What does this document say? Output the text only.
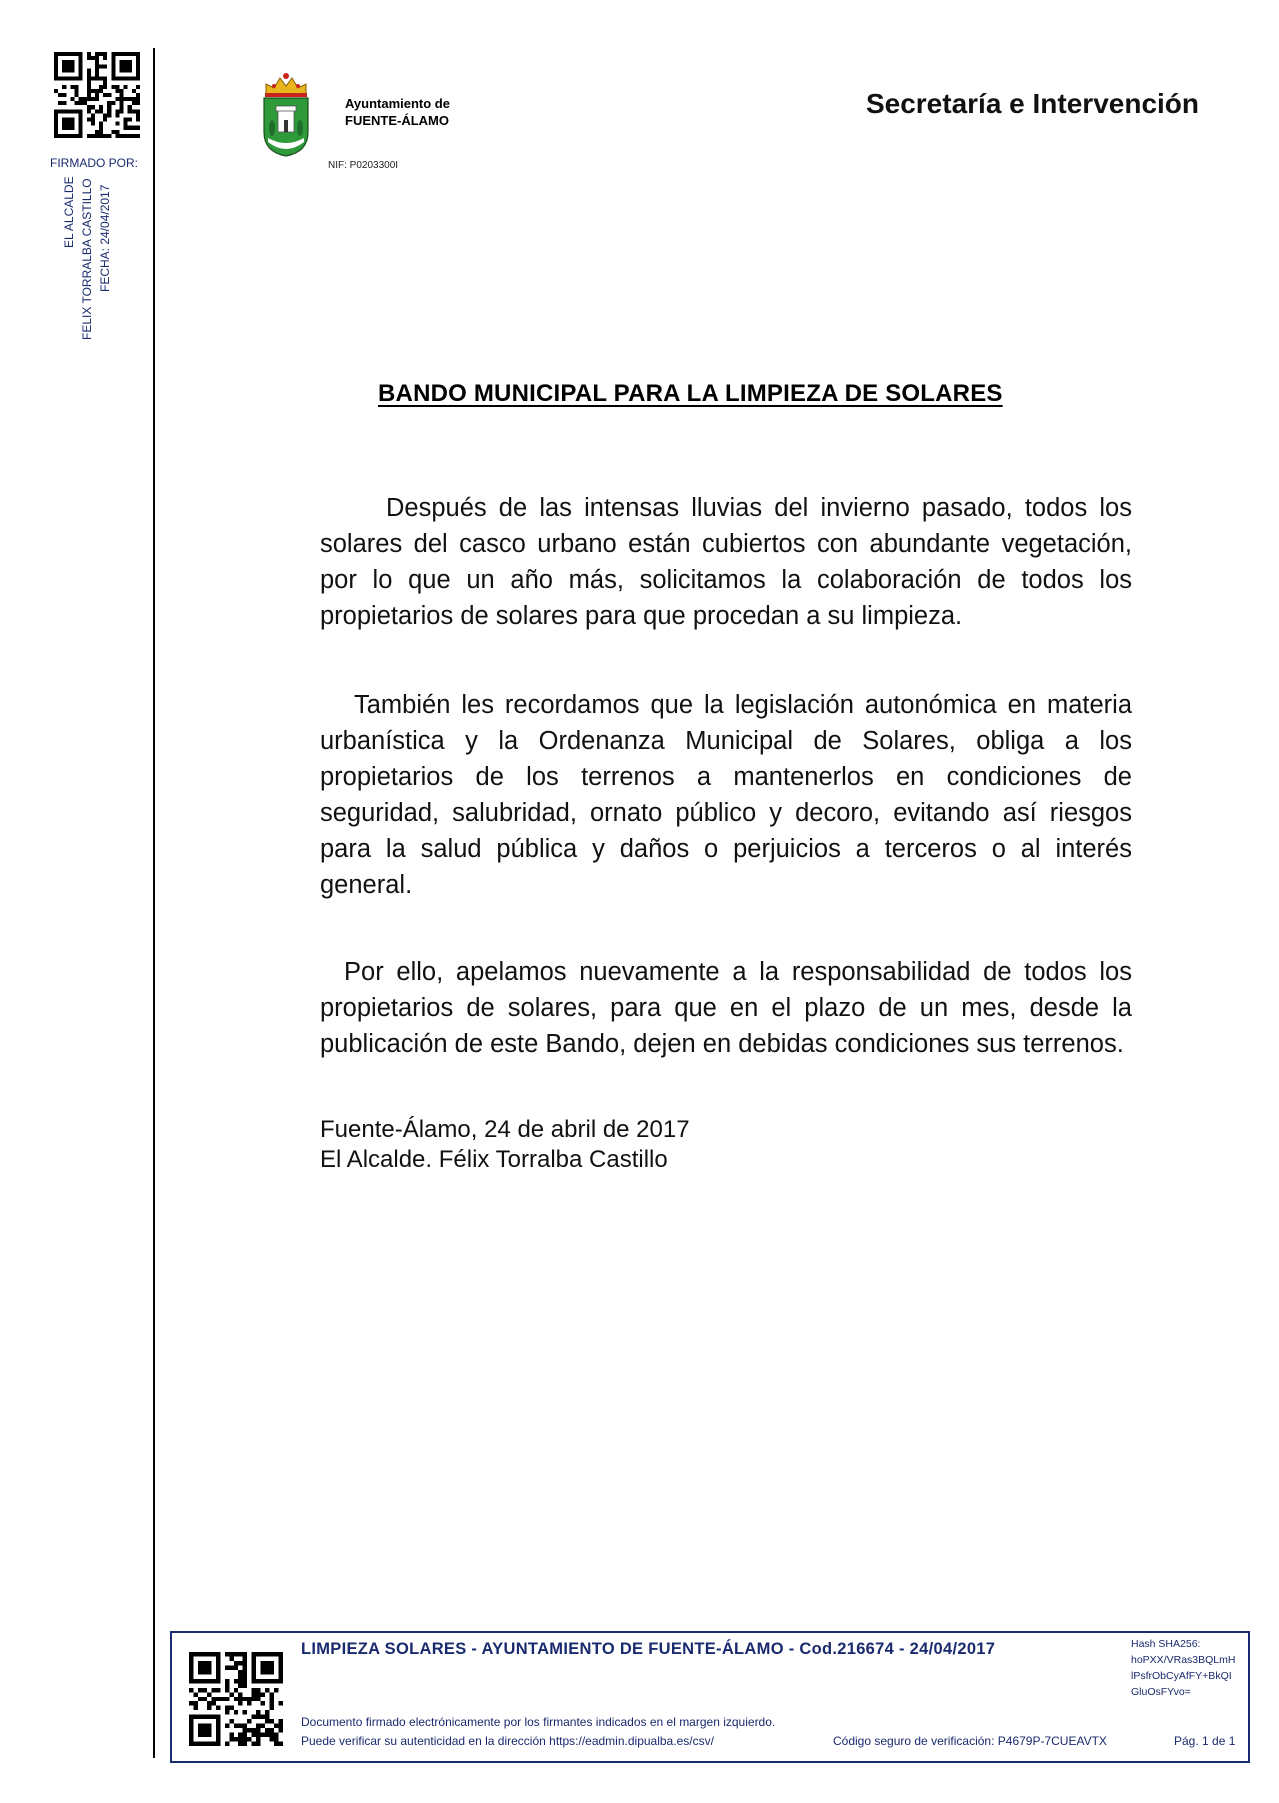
FIRMADO POR:
EL ALCALDE FELIX TORRALBA CASTILLO FECHA: 24/04/2017
Ayuntamiento de
FUENTE-ÁLAMO
NIF: P0203300I
Secretaría e Intervención
BANDO MUNICIPAL PARA LA LIMPIEZA DE SOLARES
Después de las intensas lluvias del invierno pasado, todos los solares del casco urbano están cubiertos con abundante vegetación, por lo que un año más, solicitamos la colaboración de todos los propietarios de solares para que procedan a su limpieza.
También les recordamos que la legislación autonómica en materia urbanística y la Ordenanza Municipal de Solares, obliga a los propietarios de los terrenos a mantenerlos en condiciones de seguridad, salubridad, ornato público y decoro, evitando así riesgos para la salud pública y daños o perjuicios a terceros o al interés general.
Por ello, apelamos nuevamente a la responsabilidad de todos los propietarios de solares, para que en el plazo de un mes, desde la publicación de este Bando, dejen en debidas condiciones sus terrenos.
Fuente-Álamo, 24 de abril de 2017
El Alcalde. Félix Torralba Castillo
LIMPIEZA SOLARES - AYUNTAMIENTO DE FUENTE-ÁLAMO - Cod.216674 - 24/04/2017	Hash SHA256:
hoPXX/VRas3BQLmH
lPsfrObCyAfFY+BkQI
GluOsFYvo=
Documento firmado electrónicamente por los firmantes indicados en el margen izquierdo.
Puede verificar su autenticidad en la dirección https://eadmin.dipualba.es/csv/	Código seguro de verificación: P4679P-7CUEAVTX	Pág. 1 de 1
